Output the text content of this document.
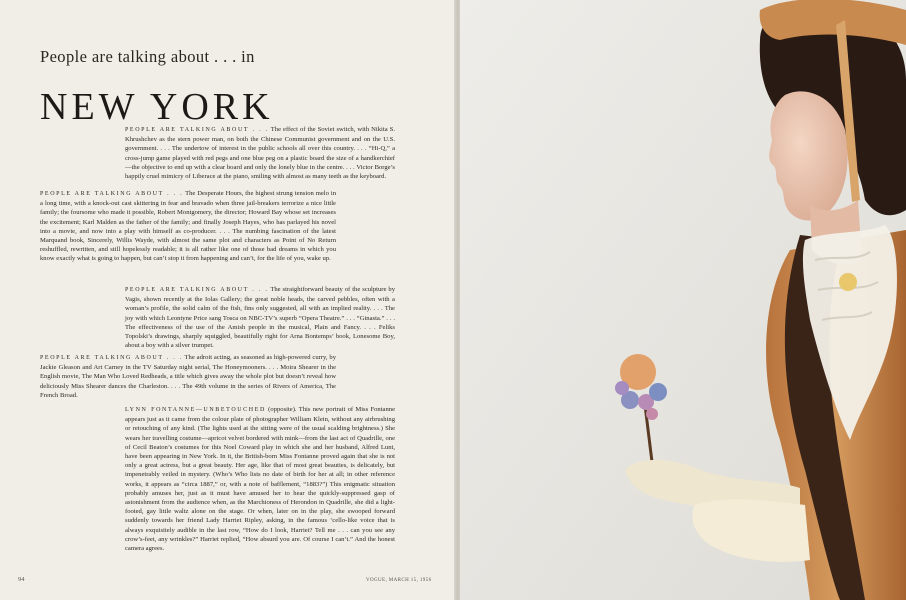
People are talking about . . . in
NEW YORK

PEOPLE ARE TALKING ABOUT . . . The effect of the Soviet switch, with Nikita S. Khrushchev as the stern power man, on both the Chinese Communist government and on the U.S. government. . . . The undertow of interest in the public schools all over this country. . . . “Hi-Q,” a cross-jump game played with red pegs and one blue peg on a plastic board the size of a handkerchief—the objective to end up with a clear board and only the lonely blue in the centre. . . . Victor Borge’s happily cruel mimicry of Liberace at the piano, smiling with almost as many teeth as the keyboard.

PEOPLE ARE TALKING ABOUT . . . The Desperate Hours, the highest strung tension melo in a long time, with a knock-out cast skittering in fear and bravado when three jail-breakers terrorize a nice little family; the foursome who made it possible, Robert Montgomery, the director; Howard Bay whose set increases the excitement; Karl Malden as the father of the family; and finally Joseph Hayes, who has parlayed his novel into a movie, and now into a play with himself as co-producer. . . . The numbing fascination of the latest Marquand book, Sincerely, Willis Wayde, with almost the same plot and characters as Point of No Return reshuffled, rewritten, and still hopelessly readable; it is all rather like one of those bad dreams in which you know exactly what is going to happen, but can’t stop it from happening and can’t, for the life of you, wake up.

PEOPLE ARE TALKING ABOUT . . . The straightforward beauty of the sculpture by Vagis, shown recently at the Iolas Gallery; the great noble heads, the carved pebbles, often with a woman’s profile, the solid calm of the fish, fins only suggested, all with an implied reality. . . . The joy with which Leontyne Price sang Tosca on NBC-TV’s superb “Opera Theatre.” . . . “Ginasta.” . . . The effectiveness of the use of the Amish people in the musical, Plain and Fancy. . . . Feliks Topolski’s drawings, sharply squiggled, beautifully right for Arna Bontemps’ book, Lonesome Boy, about a boy with a silver trumpet.

PEOPLE ARE TALKING ABOUT . . . The adroit acting, as seasoned as high-powered curry, by Jackie Gleason and Art Carney in the TV Saturday night serial, The Honeymooners. . . . Moira Shearer in the English movie, The Man Who Loved Redheads, a title which gives away the whole plot but doesn’t reveal how deliciously Miss Shearer dances the Charleston. . . . The 49th volume in the series of Rivers of America, The French Broad.

LYNN FONTANNE—UNBETOUCHED (opposite). This new portrait of Miss Fontanne appears just as it came from the colour plate of photographer William Klein, without any airbrushing or retouching of any kind. (The lights used at the sitting were of the usual scalding brightness.) She wears her travelling costume—apricot velvet bordered with mink—from the last act of Quadrille, one of Cecil Beaton’s costumes for this Noel Coward play in which she and her husband, Alfred Lunt, have been appearing in New York. In it, the British-born Miss Fontanne proved again that she is not only a great actress, but a great beauty. Her age, like that of most great beauties, is delicately, but impenetrably veiled in mystery. (Who’s Who lists no date of birth for her at all; in other reference works, it appears as “circa 1887,” or, with a note of bafflement, “1883?”) This enigmatic situation probably amuses her, just as it must have amused her to hear the quickly-suppressed gasp of astonishment from the audience when, as the Marchioness of Herondon in Quadrille, she did a light-footed, gay little waltz alone on the stage. Or when, later on in the play, she swooped forward suddenly towards her friend Lady Harriet Ripley, asking, in the famous ‘cello-like voice that is always exquisitely audible in the last row, “How do I look, Harriet? Tell me . . . can you see any crow’s-feet, any wrinkles?” Harriet replied, “How absurd you are. Of course I can’t.” And the honest camera agrees.

94	VOGUE, MARCH 15, 1956
